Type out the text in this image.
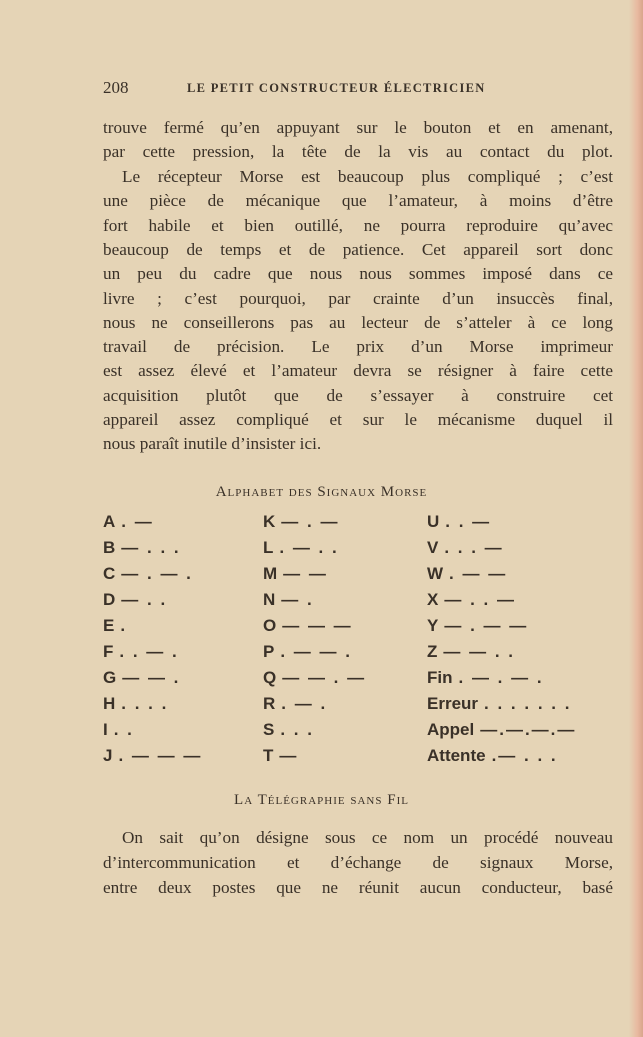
208	LE PETIT CONSTRUCTEUR ÉLECTRICIEN
trouve fermé qu’en appuyant sur le bouton et en amenant,
par cette pression, la tête de la vis au contact du plot.
Le récepteur Morse est beaucoup plus compliqué ; c’est
une pièce de mécanique que l’amateur, à moins d’être
fort habile et bien outillé, ne pourra reproduire qu’avec
beaucoup de temps et de patience. Cet appareil sort donc
un peu du cadre que nous nous sommes imposé dans ce
livre ; c’est pourquoi, par crainte d’un insuccès final,
nous ne conseillerons pas au lecteur de s’atteler à ce long
travail de précision. Le prix d’un Morse imprimeur
est assez élevé et l’amateur devra se résigner à faire cette
acquisition plutôt que de s’essayer à construire cet
appareil assez compliqué et sur le mécanisme duquel il
nous paraît inutile d’insister ici.
On sait qu’on désigne sous ce nom un procédé nouveau
d’intercommunication et d’échange de signaux Morse,
entre deux postes que ne réunit aucun conducteur, basé
Alphabet des Signaux Morse
A . —
B — . . .
C — . — .
D — . .
E .
F . . — .
G — — .
H . . . .
I . .
J . — — —
K — . —
L . — . .
M — —
N — .
O — — —
P . — — .
Q — — . —
R . — .
S . . .
T —
U . . —
V . . . —
W . — —
X — . . —
Y — . — —
Z — — . .
Fin . — . — .
Erreur . . . . . . .
Appel —.—.—.—
Attente .— . . .
La Télégraphie sans Fil
